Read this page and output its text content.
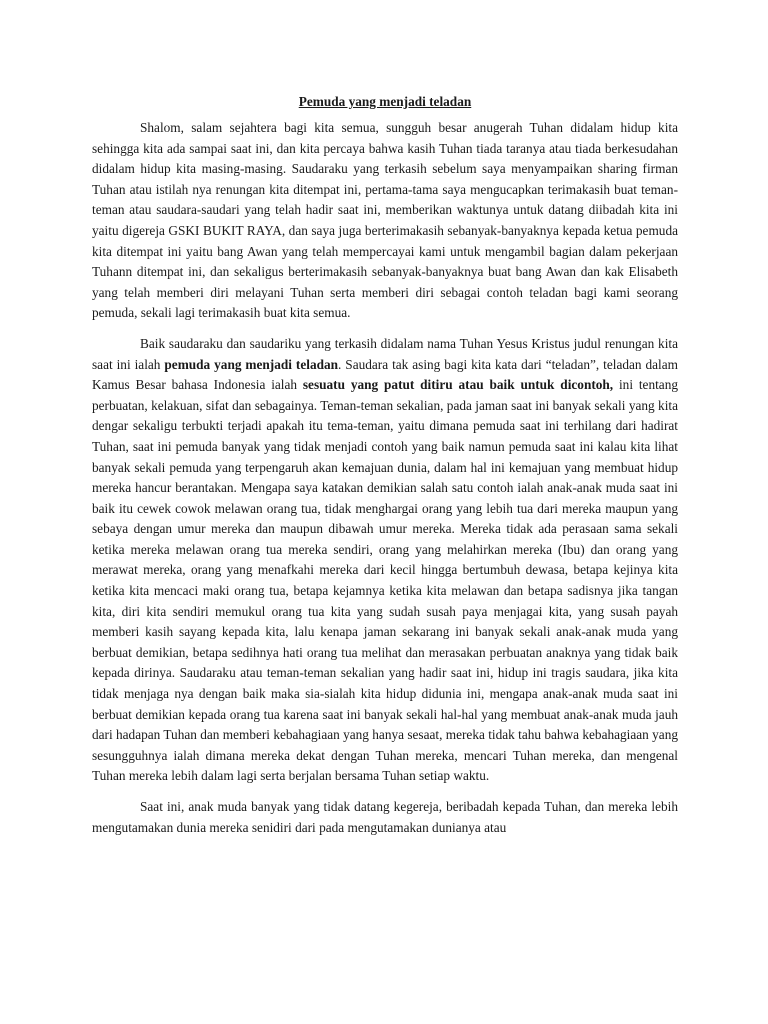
Pemuda yang menjadi teladan

Shalom, salam sejahtera bagi kita semua, sungguh besar anugerah Tuhan didalam hidup kita sehingga kita ada sampai saat ini, dan kita percaya bahwa kasih Tuhan tiada taranya atau tiada berkesudahan didalam hidup kita masing-masing. Saudaraku yang terkasih sebelum saya menyampaikan sharing firman Tuhan atau istilah nya renungan kita ditempat ini, pertama-tama saya mengucapkan terimakasih buat teman-teman atau saudara-saudari yang telah hadir saat ini, memberikan waktunya untuk datang diibadah kita ini yaitu digereja GSKI BUKIT RAYA, dan saya juga berterimakasih sebanyak-banyaknya kepada ketua pemuda kita ditempat ini yaitu bang Awan yang telah mempercayai kami untuk mengambil bagian dalam pekerjaan Tuhann ditempat ini, dan sekaligus berterimakasih sebanyak-banyaknya buat bang Awan dan kak Elisabeth yang telah memberi diri melayani Tuhan serta memberi diri sebagai contoh teladan bagi kami seorang pemuda, sekali lagi terimakasih buat kita semua.

Baik saudaraku dan saudariku yang terkasih didalam nama Tuhan Yesus Kristus judul renungan kita saat ini ialah pemuda yang menjadi teladan. Saudara tak asing bagi kita kata dari “teladan”, teladan dalam Kamus Besar bahasa Indonesia ialah sesuatu yang patut ditiru atau baik untuk dicontoh, ini tentang perbuatan, kelakuan, sifat dan sebagainya. Teman-teman sekalian, pada jaman saat ini banyak sekali yang kita dengar sekaligu terbukti terjadi apakah itu tema-teman, yaitu dimana pemuda saat ini terhilang dari hadirat Tuhan, saat ini pemuda banyak yang tidak menjadi contoh yang baik namun pemuda saat ini kalau kita lihat banyak sekali pemuda yang terpengaruh akan kemajuan dunia, dalam hal ini kemajuan yang membuat hidup mereka hancur berantakan. Mengapa saya katakan demikian salah satu contoh ialah anak-anak muda saat ini baik itu cewek cowok melawan orang tua, tidak menghargai orang yang lebih tua dari mereka maupun yang sebaya dengan umur mereka dan maupun dibawah umur mereka. Mereka tidak ada perasaan sama sekali ketika mereka melawan orang tua mereka sendiri, orang yang melahirkan mereka (Ibu) dan orang yang merawat mereka, orang yang menafkahi mereka dari kecil hingga bertumbuh dewasa, betapa kejinya kita ketika kita mencaci maki orang tua, betapa kejamnya ketika kita melawan dan betapa sadisnya jika tangan kita, diri kita sendiri memukul orang tua kita yang sudah susah paya menjagai kita, yang susah payah memberi kasih sayang kepada kita, lalu kenapa jaman sekarang ini banyak sekali anak-anak muda yang berbuat demikian, betapa sedihnya hati orang tua melihat dan merasakan perbuatan anaknya yang tidak baik kepada dirinya. Saudaraku atau teman-teman sekalian yang hadir saat ini, hidup ini tragis saudara, jika kita tidak menjaga nya dengan baik maka sia-sialah kita hidup didunia ini, mengapa anak-anak muda saat ini berbuat demikian kepada orang tua karena saat ini banyak sekali hal-hal yang membuat anak-anak muda jauh dari hadapan Tuhan dan memberi kebahagiaan yang hanya sesaat, mereka tidak tahu bahwa kebahagiaan yang sesungguhnya ialah dimana mereka dekat dengan Tuhan mereka, mencari Tuhan mereka, dan mengenal Tuhan mereka lebih dalam lagi serta berjalan bersama Tuhan setiap waktu.

Saat ini, anak muda banyak yang tidak datang kegereja, beribadah kepada Tuhan, dan mereka lebih mengutamakan dunia mereka senidiri dari pada mengutamakan dunianya atau
